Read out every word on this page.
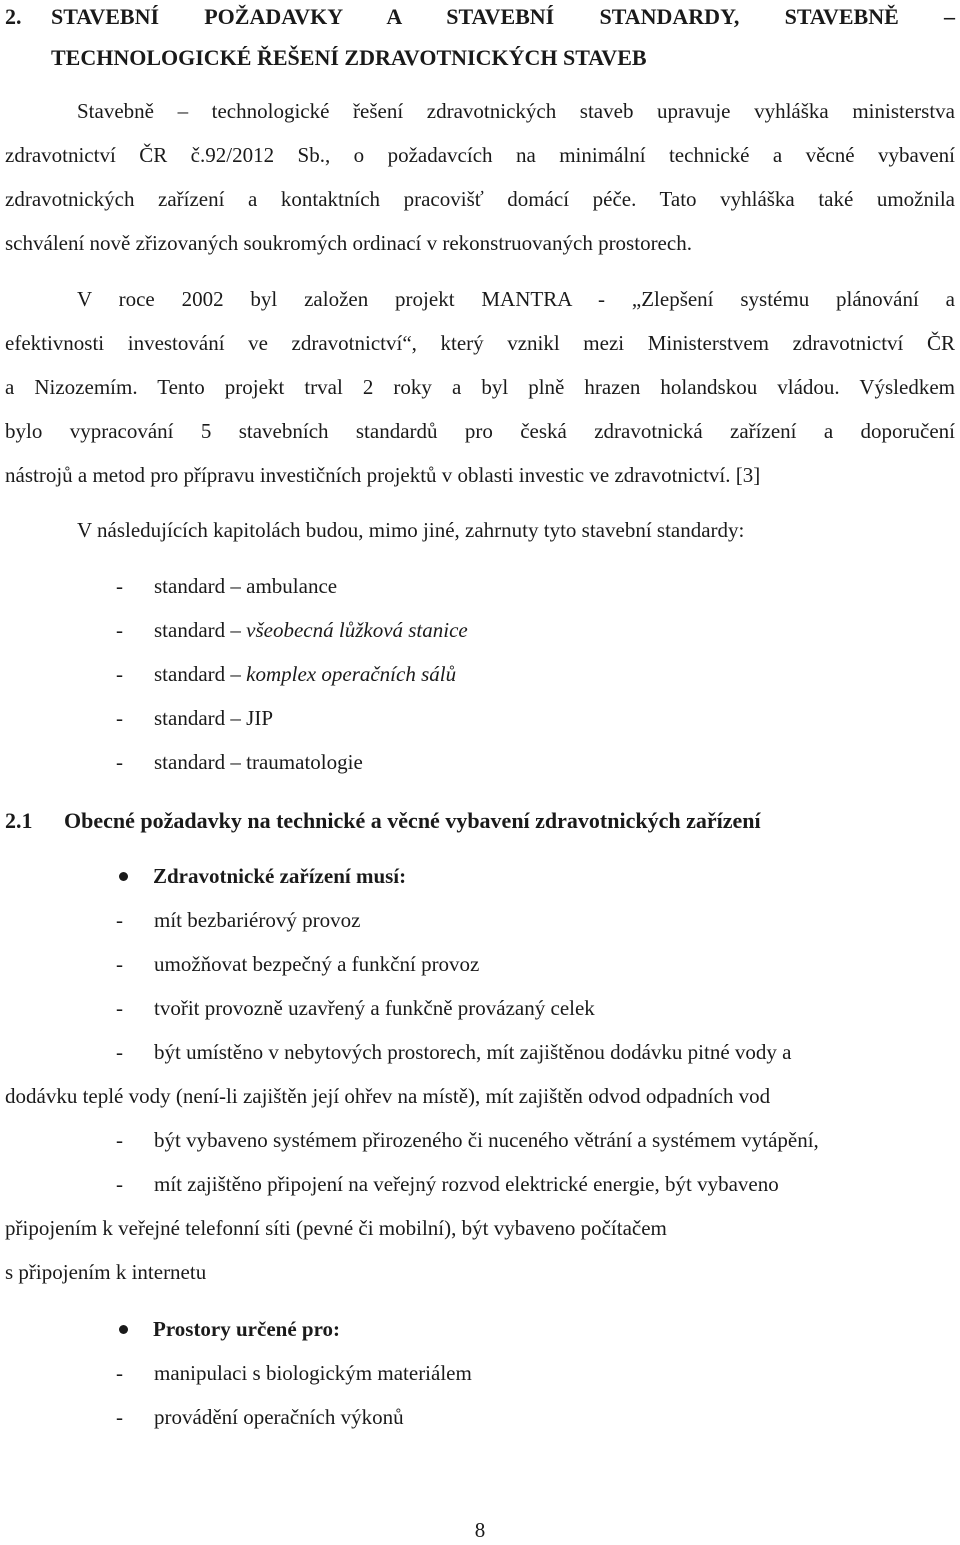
2. STAVEBNÍ POŽADAVKY A STAVEBNÍ STANDARDY, STAVEBNĚ –
TECHNOLOGICKÉ ŘEŠENÍ ZDRAVOTNICKÝCH STAVEB
Stavebně – technologické řešení zdravotnických staveb upravuje vyhláška ministerstva
zdravotnictví ČR č.92/2012 Sb., o požadavcích na minimální technické a věcné vybavení
zdravotnických zařízení a kontaktních pracovišť domácí péče. Tato vyhláška také umožnila
schválení nově zřizovaných soukromých ordinací v rekonstruovaných prostorech.
V roce 2002 byl založen projekt MANTRA - „Zlepšení systému plánování a
efektivnosti investování ve zdravotnictví“, který vznikl mezi Ministerstvem zdravotnictví ČR
a Nizozemím. Tento projekt trval 2 roky a byl plně hrazen holandskou vládou. Výsledkem
bylo vypracování 5 stavebních standardů pro česká zdravotnická zařízení a doporučení
nástrojů a metod pro přípravu investičních projektů v oblasti investic ve zdravotnictví. [3]
V následujících kapitolách budou, mimo jiné, zahrnuty tyto stavební standardy:
- standard – ambulance
- standard – všeobecná lůžková stanice
- standard – komplex operačních sálů
- standard – JIP
- standard – traumatologie
2.1 Obecné požadavky na technické a věcné vybavení zdravotnických zařízení
Zdravotnické zařízení musí:
- mít bezbariérový provoz
- umožňovat bezpečný a funkční provoz
- tvořit provozně uzavřený a funkčně provázaný celek
- být umístěno v nebytových prostorech, mít zajištěnou dodávku pitné vody a
dodávku teplé vody (není-li zajištěn její ohřev na místě), mít zajištěn odvod odpadních vod
- být vybaveno systémem přirozeného či nuceného větrání a systémem vytápění,
- mít zajištěno připojení na veřejný rozvod elektrické energie, být vybaveno
připojením k veřejné telefonní síti (pevné či mobilní), být vybaveno počítačem
s připojením k internetu
Prostory určené pro:
- manipulaci s biologickým materiálem
- provádění operačních výkonů
8
